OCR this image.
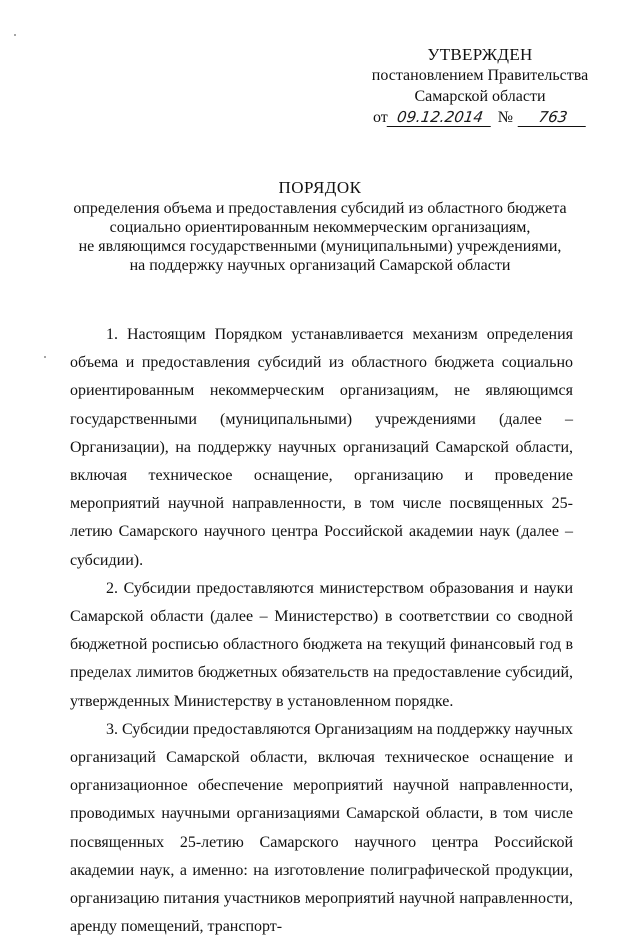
УТВЕРЖДЕН
постановлением Правительства
Самарской области
от 09.12.2014 №	763
ПОРЯДОК
определения объема и предоставления субсидий из областного бюджета
социально ориентированным некоммерческим организациям,
не являющимся государственными (муниципальными) учреждениями,
на поддержку научных организаций Самарской области

1. Настоящим Порядком устанавливается механизм определения объема и предоставления субсидий из областного бюджета социально ориентированным некоммерческим организациям, не являющимся государственными (муниципальными) учреждениями (далее – Организации), на поддержку научных организаций Самарской области, включая техническое оснащение, организацию и проведение мероприятий научной направленности, в том числе посвященных 25-летию Самарского научного центра Российской академии наук (далее – субсидии).

2. Субсидии предоставляются министерством образования и науки Самарской области (далее – Министерство) в соответствии со сводной бюджетной росписью областного бюджета на текущий финансовый год в пределах лимитов бюджетных обязательств на предоставление субсидий, утвержденных Министерству в установленном порядке.

3. Субсидии предоставляются Организациям на поддержку научных организаций Самарской области, включая техническое оснащение и организационное обеспечение мероприятий научной направленности, проводимых научными организациями Самарской области, в том числе посвященных 25-летию Самарского научного центра Российской академии наук, а именно: на изготовление полиграфической продукции, организацию питания участников мероприятий научной направленности, аренду помещений, транспорт-
